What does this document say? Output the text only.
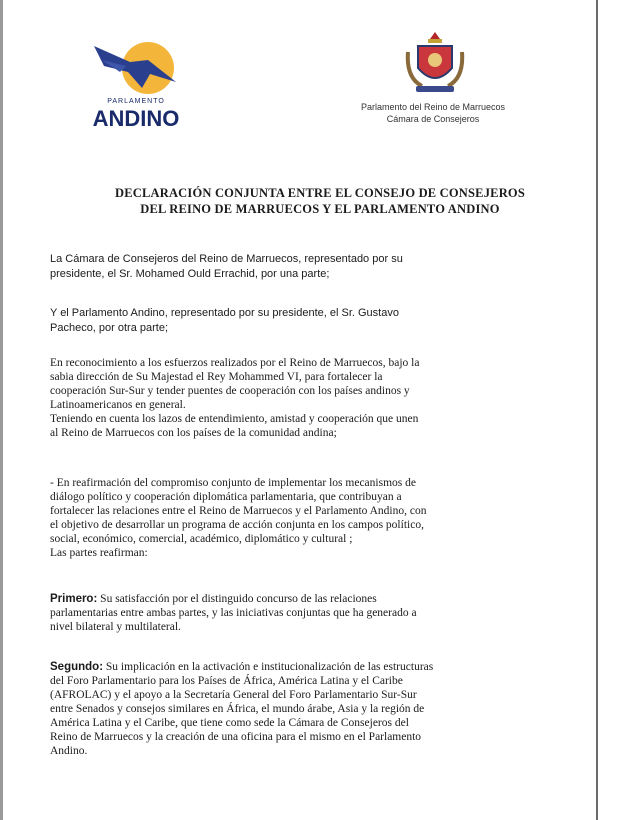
PARLAMENTO
ANDINO	Parlamento del Reino de Marruecos
Cámara de Consejeros
DECLARACIÓN CONJUNTA ENTRE EL CONSEJO DE CONSEJEROS
DEL REINO DE MARRUECOS Y EL PARLAMENTO ANDINO
La Cámara de Consejeros del Reino de Marruecos, representado por su
presidente, el Sr. Mohamed Ould Errachid, por una parte;
Y el Parlamento Andino, representado por su presidente, el Sr. Gustavo
Pacheco, por otra parte;
En reconocimiento a los esfuerzos realizados por el Reino de Marruecos, bajo la
sabia dirección de Su Majestad el Rey Mohammed VI, para fortalecer la
cooperación Sur-Sur y tender puentes de cooperación con los países andinos y
Latinoamericanos en general.
Teniendo en cuenta los lazos de entendimiento, amistad y cooperación que unen
al Reino de Marruecos con los países de la comunidad andina;
- En reafirmación del compromiso conjunto de implementar los mecanismos de
diálogo político y cooperación diplomática parlamentaria, que contribuyan a
fortalecer las relaciones entre el Reino de Marruecos y el Parlamento Andino, con
el objetivo de desarrollar un programa de acción conjunta en los campos político,
social, económico, comercial, académico, diplomático y cultural ;
Las partes reafirman:
Primero: Su satisfacción por el distinguido concurso de las relaciones
parlamentarias entre ambas partes, y las iniciativas conjuntas que ha generado a
nivel bilateral y multilateral.
Segundo: Su implicación en la activación e institucionalización de las estructuras
del Foro Parlamentario para los Países de África, América Latina y el Caribe
(AFROLAC) y el apoyo a la Secretaría General del Foro Parlamentario Sur-Sur
entre Senados y consejos similares en África, el mundo árabe, Asia y la región de
América Latina y el Caribe, que tiene como sede la Cámara de Consejeros del
Reino de Marruecos y la creación de una oficina para el mismo en el Parlamento
Andino.
